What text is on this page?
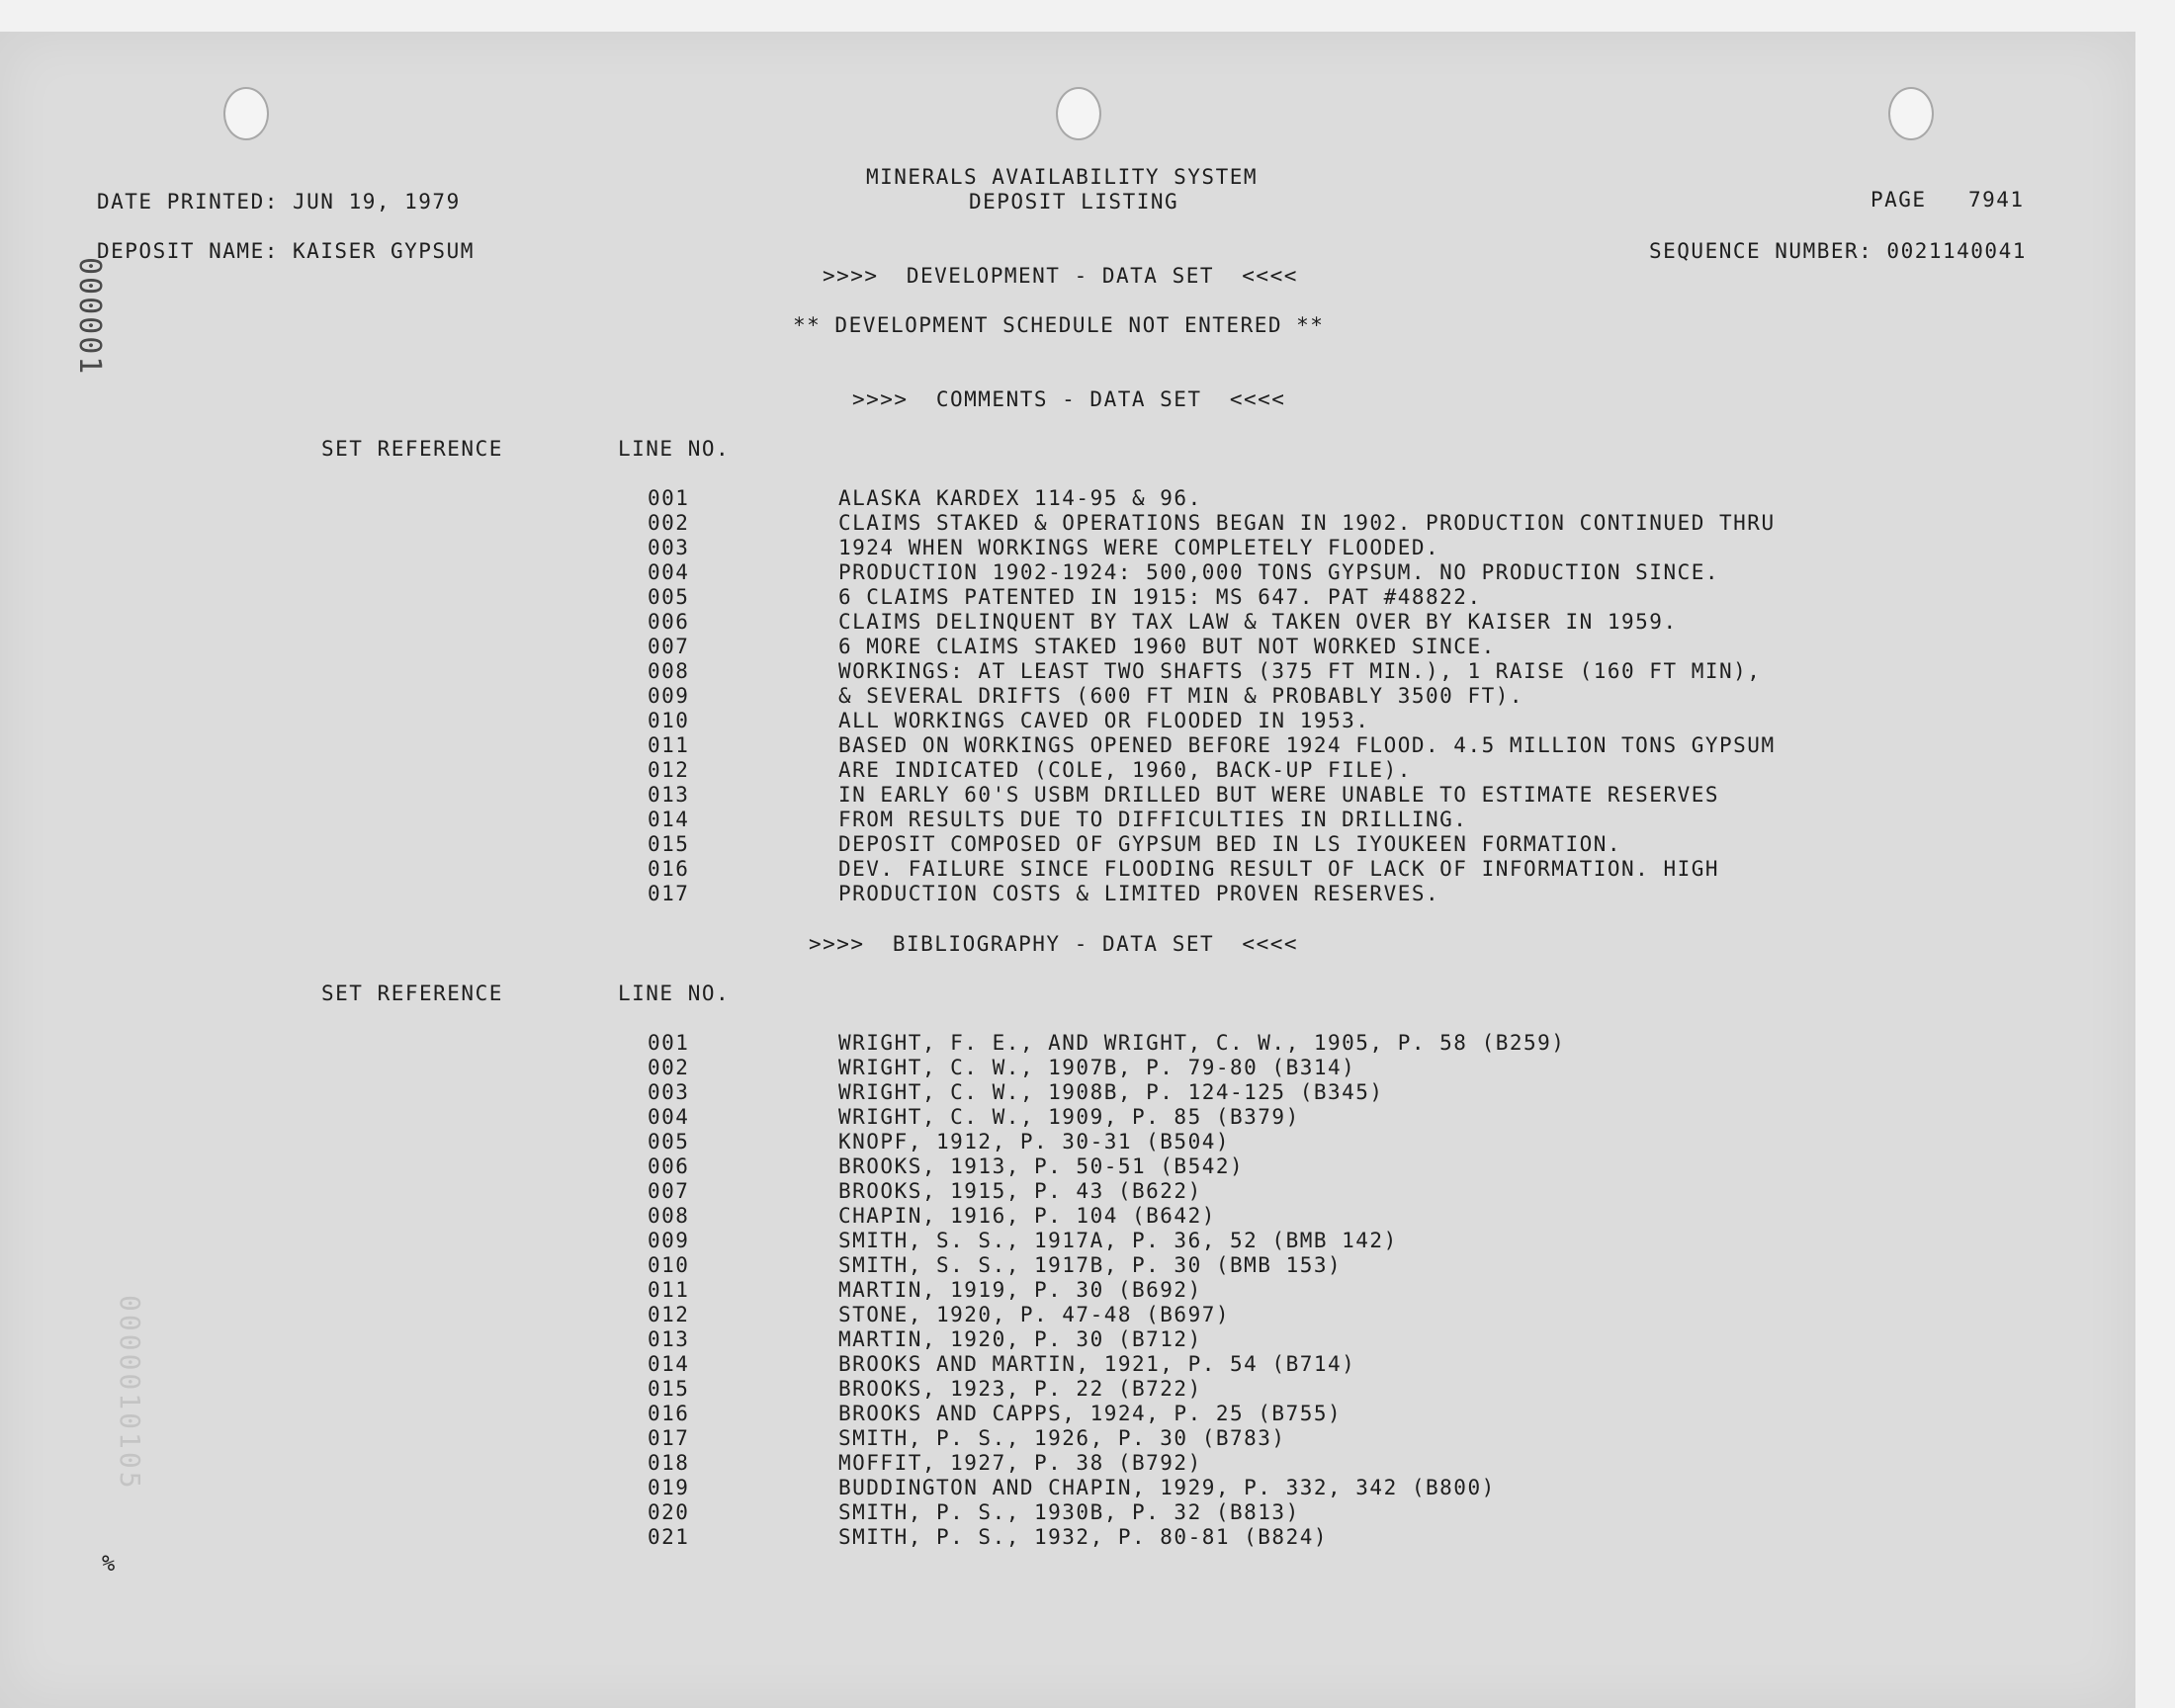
000001
0000010105
DATE PRINTED: JUN 19, 1979
MINERALS AVAILABILITY SYSTEM
DEPOSIT LISTING	PAGE   7941
DEPOSIT NAME: KAISER GYPSUM	SEQUENCE NUMBER: 0021140041
>>>>  DEVELOPMENT - DATA SET  <<<<
** DEVELOPMENT SCHEDULE NOT ENTERED **
>>>>  COMMENTS - DATA SET  <<<<
SET REFERENCE	LINE NO.
001	ALASKA KARDEX 114-95 & 96.
002	CLAIMS STAKED & OPERATIONS BEGAN IN 1902. PRODUCTION CONTINUED THRU
003	1924 WHEN WORKINGS WERE COMPLETELY FLOODED.
004	PRODUCTION 1902-1924: 500,000 TONS GYPSUM. NO PRODUCTION SINCE.
005	6 CLAIMS PATENTED IN 1915: MS 647. PAT #48822.
006	CLAIMS DELINQUENT BY TAX LAW & TAKEN OVER BY KAISER IN 1959.
007	6 MORE CLAIMS STAKED 1960 BUT NOT WORKED SINCE.
008	WORKINGS: AT LEAST TWO SHAFTS (375 FT MIN.), 1 RAISE (160 FT MIN),
009	& SEVERAL DRIFTS (600 FT MIN & PROBABLY 3500 FT).
010	ALL WORKINGS CAVED OR FLOODED IN 1953.
011	BASED ON WORKINGS OPENED BEFORE 1924 FLOOD. 4.5 MILLION TONS GYPSUM
012	ARE INDICATED (COLE, 1960, BACK-UP FILE).
013	IN EARLY 60'S USBM DRILLED BUT WERE UNABLE TO ESTIMATE RESERVES
014	FROM RESULTS DUE TO DIFFICULTIES IN DRILLING.
015	DEPOSIT COMPOSED OF GYPSUM BED IN LS IYOUKEEN FORMATION.
016	DEV. FAILURE SINCE FLOODING RESULT OF LACK OF INFORMATION. HIGH
017	PRODUCTION COSTS & LIMITED PROVEN RESERVES.
>>>>  BIBLIOGRAPHY - DATA SET  <<<<
SET REFERENCE	LINE NO.
001	WRIGHT, F. E., AND WRIGHT, C. W., 1905, P. 58 (B259)
002	WRIGHT, C. W., 1907B, P. 79-80 (B314)
003	WRIGHT, C. W., 1908B, P. 124-125 (B345)
004	WRIGHT, C. W., 1909, P. 85 (B379)
005	KNOPF, 1912, P. 30-31 (B504)
006	BROOKS, 1913, P. 50-51 (B542)
007	BROOKS, 1915, P. 43 (B622)
008	CHAPIN, 1916, P. 104 (B642)
009	SMITH, S. S., 1917A, P. 36, 52 (BMB 142)
010	SMITH, S. S., 1917B, P. 30 (BMB 153)
011	MARTIN, 1919, P. 30 (B692)
012	STONE, 1920, P. 47-48 (B697)
013	MARTIN, 1920, P. 30 (B712)
014	BROOKS AND MARTIN, 1921, P. 54 (B714)
015	BROOKS, 1923, P. 22 (B722)
016	BROOKS AND CAPPS, 1924, P. 25 (B755)
017	SMITH, P. S., 1926, P. 30 (B783)
018	MOFFIT, 1927, P. 38 (B792)
019	BUDDINGTON AND CHAPIN, 1929, P. 332, 342 (B800)
020	SMITH, P. S., 1930B, P. 32 (B813)
021	SMITH, P. S., 1932, P. 80-81 (B824)
%
